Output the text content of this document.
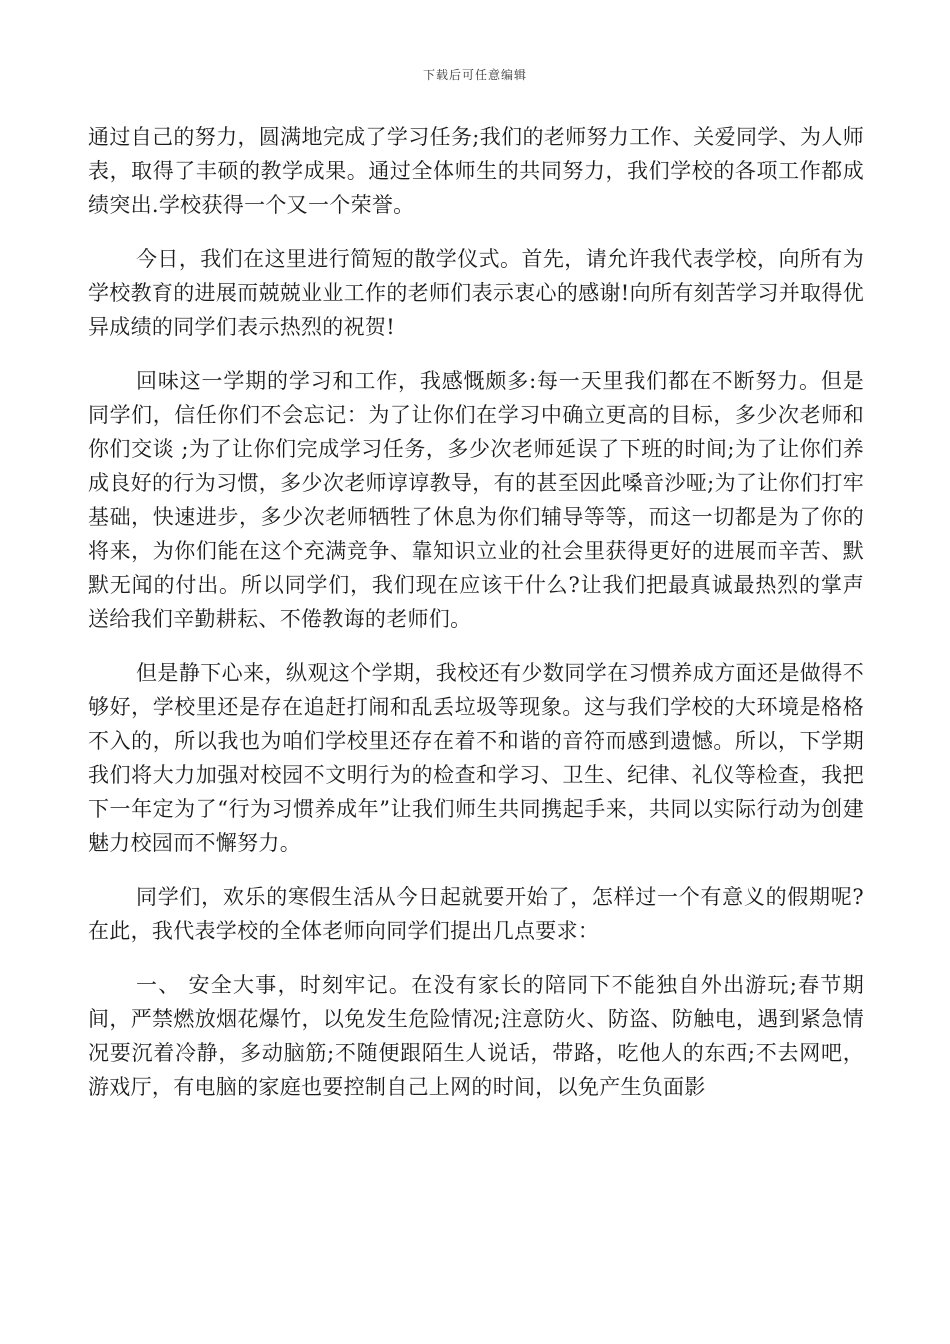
下载后可任意编辑

通过自己的努力，圆满地完成了学习任务;我们的老师努力工作、关爱同学、为人师表，取得了丰硕的教学成果。通过全体师生的共同努力，我们学校的各项工作都成绩突出.学校获得一个又一个荣誉。

今日，我们在这里进行简短的散学仪式。首先，请允许我代表学校，向所有为学校教育的进展而兢兢业业工作的老师们表示衷心的感谢!向所有刻苦学习并取得优异成绩的同学们表示热烈的祝贺!

回味这一学期的学习和工作，我感慨颇多:每一天里我们都在不断努力。但是同学们，信任你们不会忘记：为了让你们在学习中确立更高的目标，多少次老师和你们交谈 ;为了让你们完成学习任务，多少次老师延误了下班的时间;为了让你们养成良好的行为习惯，多少次老师谆谆教导，有的甚至因此嗓音沙哑;为了让你们打牢基础，快速进步，多少次老师牺牲了休息为你们辅导等等，而这一切都是为了你的将来，为你们能在这个充满竞争、靠知识立业的社会里获得更好的进展而辛苦、默默无闻的付出。所以同学们，我们现在应该干什么?让我们把最真诚最热烈的掌声送给我们辛勤耕耘、不倦教诲的老师们。

但是静下心来，纵观这个学期，我校还有少数同学在习惯养成方面还是做得不够好，学校里还是存在追赶打闹和乱丢垃圾等现象。这与我们学校的大环境是格格不入的，所以我也为咱们学校里还存在着不和谐的音符而感到遗憾。所以，下学期我们将大力加强对校园不文明行为的检查和学习、卫生、纪律、礼仪等检查，我把下一年定为了“行为习惯养成年”让我们师生共同携起手来，共同以实际行动为创建魅力校园而不懈努力。

同学们，欢乐的寒假生活从今日起就要开始了，怎样过一个有意义的假期呢?在此，我代表学校的全体老师向同学们提出几点要求：

一、 安全大事，时刻牢记。在没有家长的陪同下不能独自外出游玩;春节期间，严禁燃放烟花爆竹，以免发生危险情况;注意防火、防盗、防触电，遇到紧急情况要沉着冷静，多动脑筋;不随便跟陌生人说话，带路，吃他人的东西;不去网吧，游戏厅，有电脑的家庭也要控制自己上网的时间，以免产生负面影
